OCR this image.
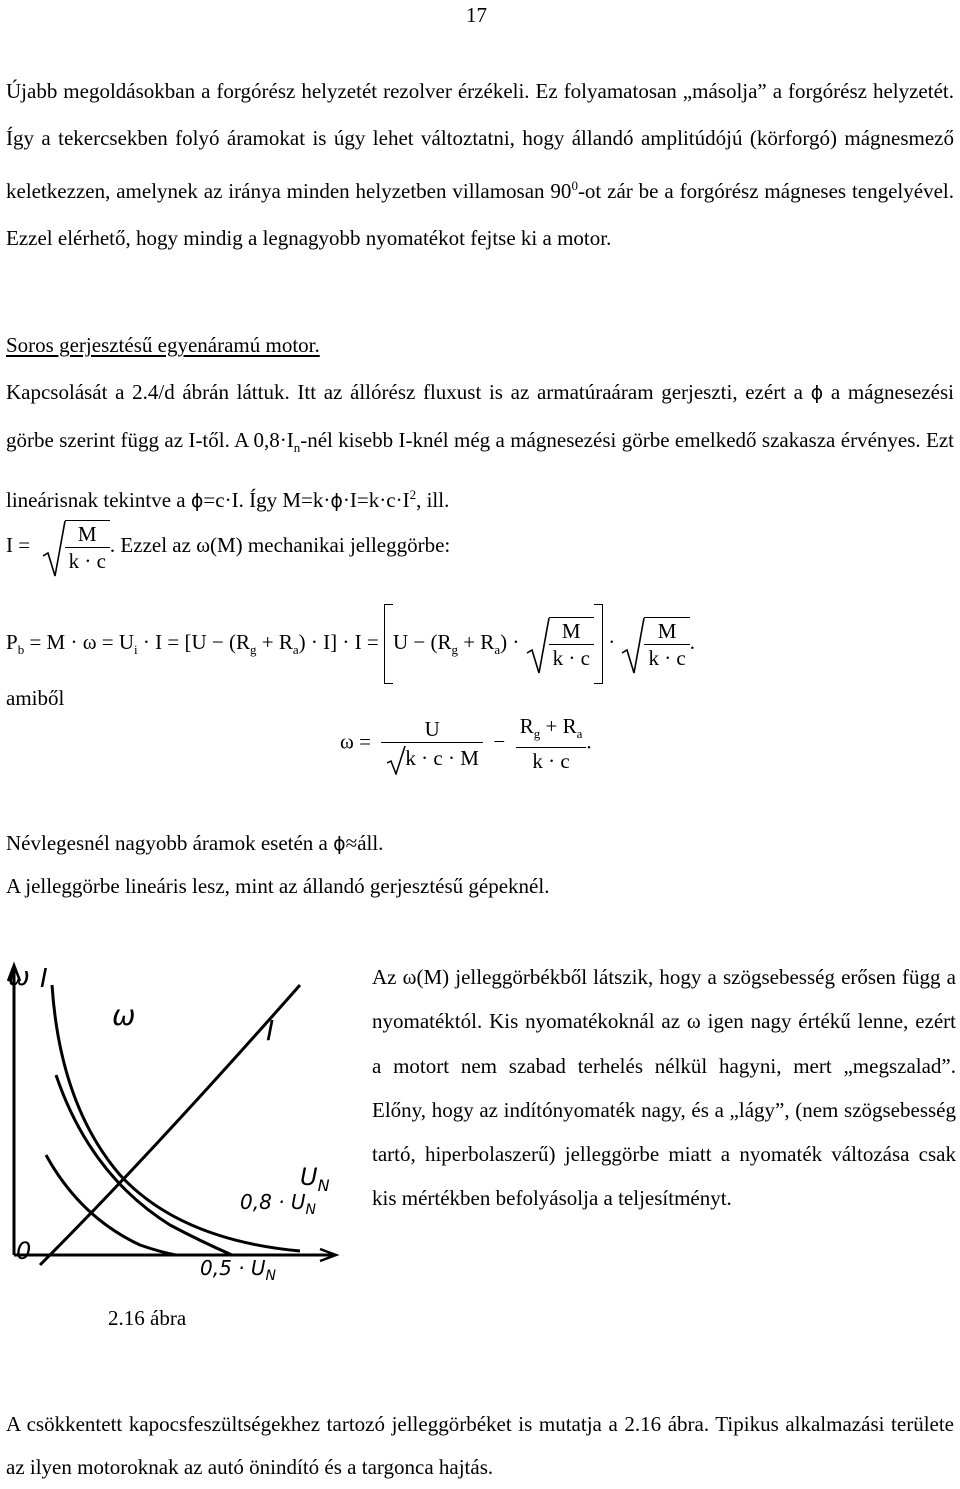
17

Újabb megoldásokban a forgórész helyzetét rezolver érzékeli. Ez folyamatosan „másolja” a forgórész helyzetét. Így a tekercsekben folyó áramokat is úgy lehet változtatni, hogy állandó amplitúdójú (körforgó) mágnesmező keletkezzen, amelynek az iránya minden helyzetben villamosan $90^0-ot$ zár be a forgórész mágneses tengelyével. Ezzel elérhető, hogy mindig a legnagyobb nyomatékot fejtse ki a motor.

Soros gerjesztésű egyenáramú motor.

Kapcsolását a 2.4/d ábrán láttuk. Itt az állórész fluxust is az armatúraáram gerjeszti, ezért a ϕ a mágnesezési görbe szerint függ az I-től. A $0,8\cdot I_n$-nél kisebb I-knél még a mágnesezési görbe emelkedő szakasza érvényes. Ezt lineárisnak tekintve a ϕ=c·I. Így $M=k\cdot\phi\cdot I=k\cdot c\cdot I^2$, ill.

$I = \frac{M}{k \cdot c}$ . Ezzel az ω(M) mechanikai jelleggörbe:
$P_b = M \cdot \omega = U_i \cdot I = [U - (R_g + R_a) \cdot I] \cdot I = U - (R_g + R_a) \cdot \frac{M}{k \cdot c} \cdot \frac{M}{k \cdot c}$ .
amiből
$\omega = \frac{U}{k \cdot c \cdot M} - \frac{R_g + R_a}{k \cdot c}$ .
Névlegesnél nagyobb áramok esetén a ϕ≈áll.
A jelleggörbe lineáris lesz, mint az állandó gerjesztésű gépeknél.
ω I
0
ω	I
$U_N$
$0,8 \cdot U_N$
$0,5 \cdot U_N$

Az ω(M) jelleggörbékből látszik, hogy a szögsebesség erősen függ a nyomatéktól. Kis nyomatékoknál az ω igen nagy értékű lenne, ezért a motort nem szabad terhelés nélkül hagyni, mert „megszalad”. Előny, hogy az indítónyomaték nagy, és a „lágy”, (nem szögsebesség tartó, hiperbolaszerű) jelleggörbe miatt a nyomaték változása csak kis mértékben befolyásolja a teljesítményt.

2.16 ábra

A csökkentett kapocsfeszültségekhez tartozó jelleggörbéket is mutatja a 2.16 ábra. Tipikus alkalmazási területe az ilyen motoroknak az autó önindító és a targonca hajtás.
